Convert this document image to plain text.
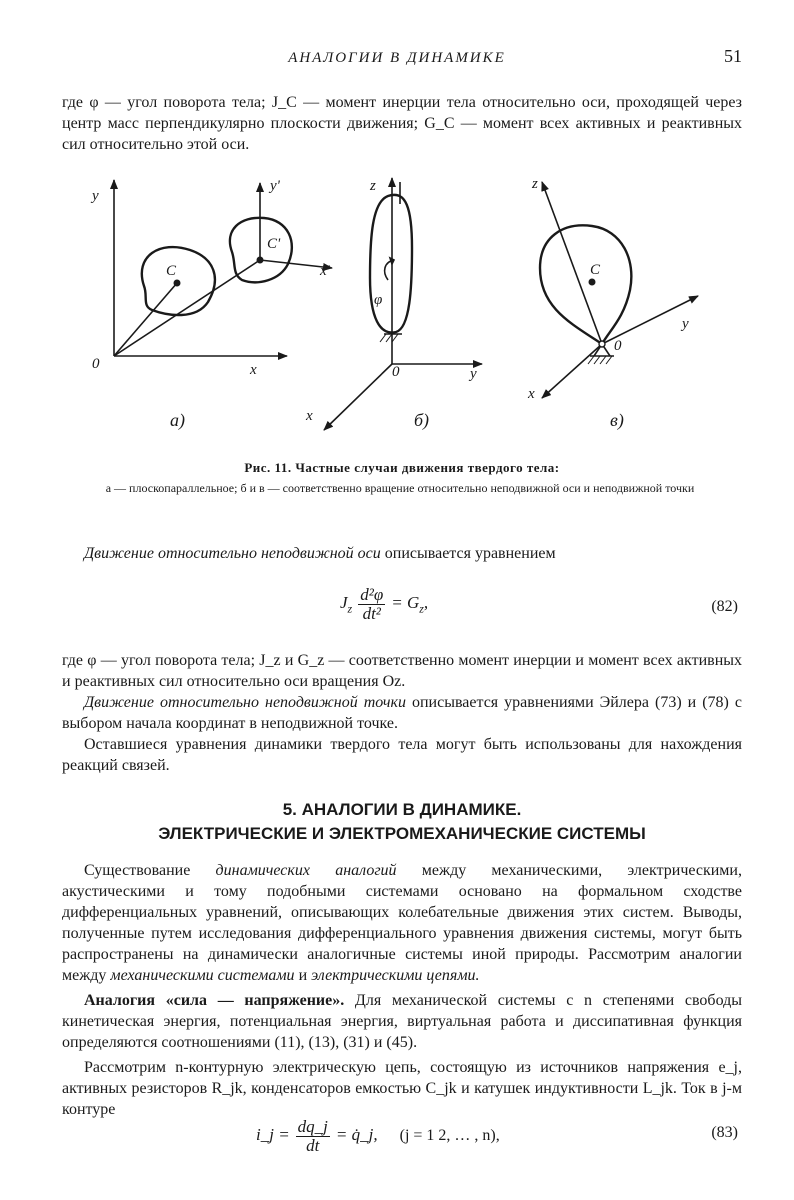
АНАЛОГИИ В ДИНАМИКЕ	51

где φ — угол поворота тела; J_C — момент инерции тела относительно оси, проходящей через центр масс перпендикулярно плоскости движения; G_C — момент всех активных и реактивных сил относительно этой оси.

y
0	x
C
C'
y'
x'
а)
z
φ
0	y
x	б)
z
C
0
y
x
в)
Рис. 11. Частные случаи движения твердого тела:
а — плоскопараллельное; б и в — соответственно вращение относительно неподвижной оси и неподвижной точки

Движение относительно неподвижной оси описывается уравнением

$J_z \frac{\text{d²φ}}{\text{dt²}} = G_z$,	(82)

где φ — угол поворота тела; J_z и G_z — соответственно момент инерции и момент всех активных и реактивных сил относительно оси вращения Oz.

Движение относительно неподвижной точки описывается уравнениями Эйлера (73) и (78) с выбором начала координат в неподвижной точке.

Оставшиеся уравнения динамики твердого тела могут быть использованы для нахождения реакций связей.

5. АНАЛОГИИ В ДИНАМИКЕ.
ЭЛЕКТРИЧЕСКИЕ И ЭЛЕКТРОМЕХАНИЧЕСКИЕ СИСТЕМЫ

Существование динамических аналогий между механическими, электрическими, акустическими и тому подобными системами основано на формальном сходстве дифференциальных уравнений, описывающих колебательные движения этих систем. Выводы, полученные путем исследования дифференциального уравнения движения системы, могут быть распространены на динамически аналогичные системы иной природы. Рассмотрим аналогии между механическими системами и электрическими цепями.

Аналогия «сила — напряжение». Для механической системы с n степенями свободы кинетическая энергия, потенциальная энергия, виртуальная работа и диссипативная функция определяются соотношениями (11), (13), (31) и (45).

Рассмотрим n-контурную электрическую цепь, состоящую из источников напряжения e_j, активных резисторов R_jk, конденсаторов емкостью C_jk и катушек индуктивности L_jk. Ток в j-м контуре

i_j = $\frac{dq\_j}{dt}$ = q̇_j, (j = 1 2, … , n),	(83)
